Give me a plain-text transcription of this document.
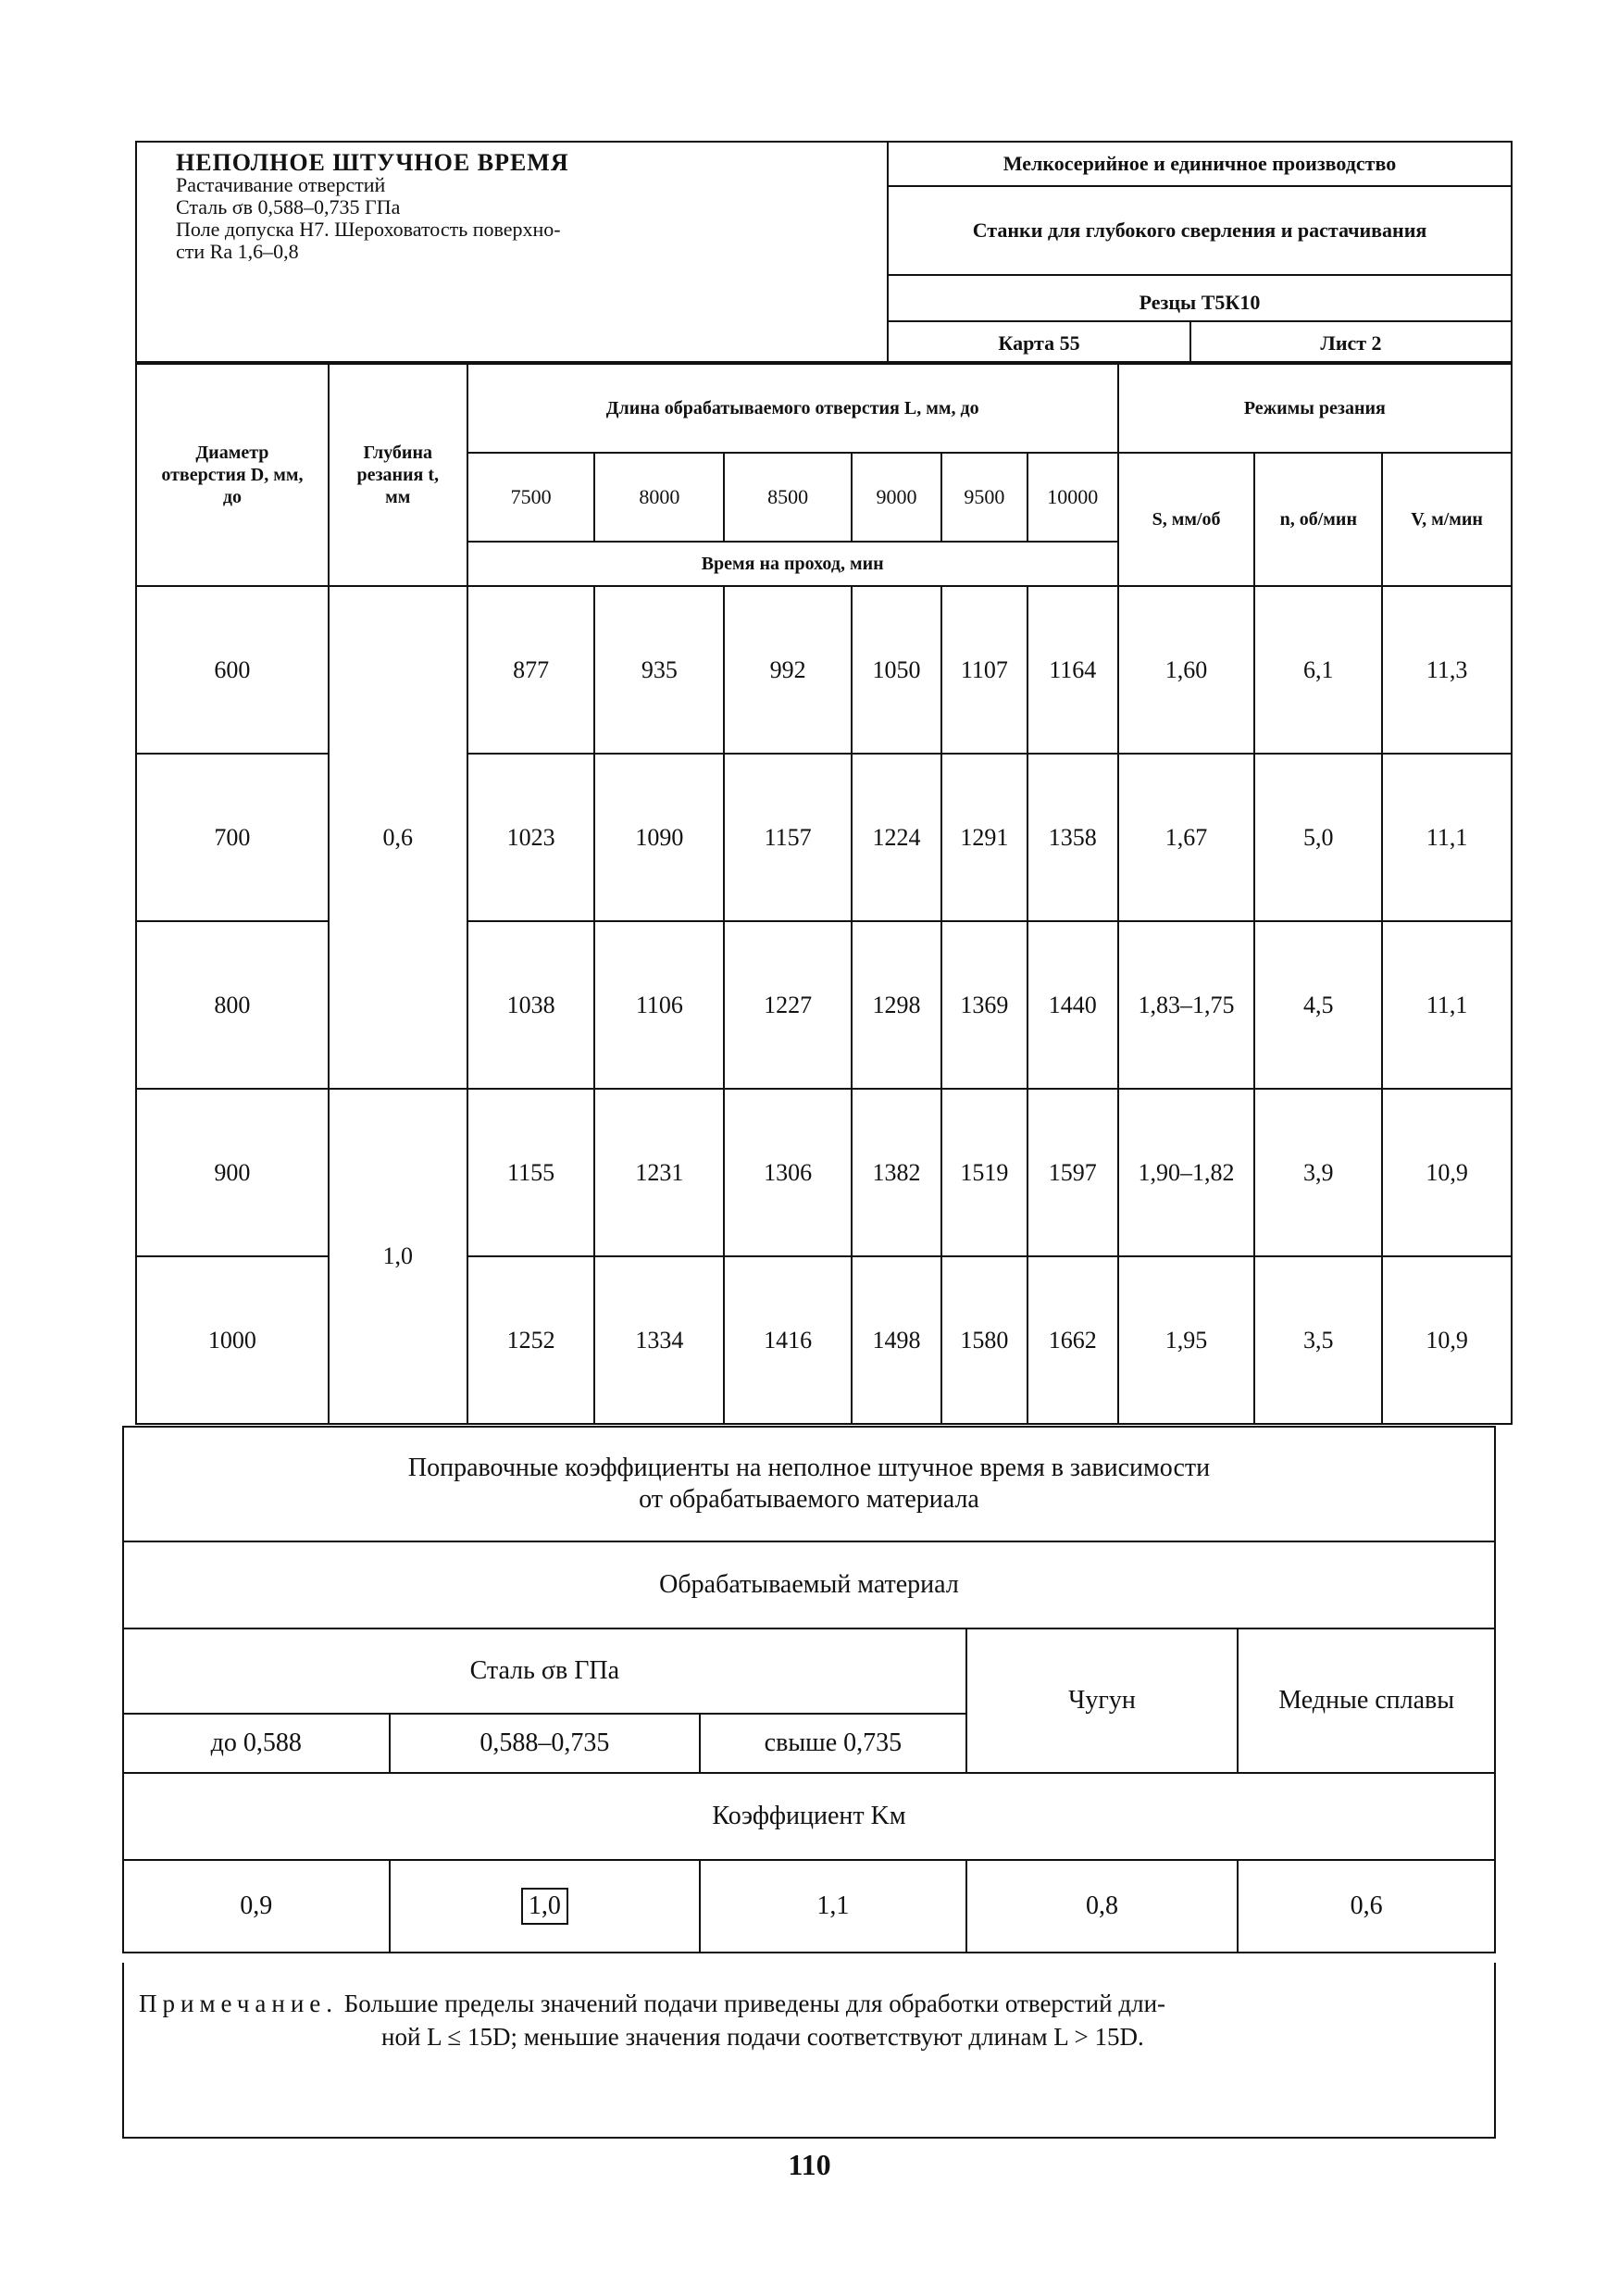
НЕПОЛНОЕ ШТУЧНОЕ ВРЕМЯ
Растачивание отверстий
Сталь σв 0,588–0,735 ГПа
Поле допуска Н7. Шероховатость поверхно-
сти Ra 1,6–0,8
Мелкосерийное и единичное производство
Станки для глубокого сверления и растачивания
Резцы Т5К10
Карта 55	Лист 2
Диаметр отверстия D, мм, до	Глубина резания t, мм	Длина обрабатываемого отверстия L, мм, до						Режимы резания		
		7500	8000	8500	9000	9500	10000	S, мм/об	n, об/мин	V, м/мин
		Время на проход, мин								
600	0,6	877	935	992	1050	1107	1164	1,60	6,1	11,3
700		1023	1090	1157	1224	1291	1358	1,67	5,0	11,1
800		1038	1106	1227	1298	1369	1440	1,83–1,75	4,5	11,1
900	1,0	1155	1231	1306	1382	1519	1597	1,90–1,82	3,9	10,9
1000		1252	1334	1416	1498	1580	1662	1,95	3,5	10,9
Поправочные коэффициенты на неполное штучное время в зависимости
от обрабатываемого материала				

Обрабатываемый материал				
Сталь σв ГПа			Чугун	Медные сплавы
до 0,588	0,588–0,735	свыше 0,735		
Коэффициент Kм				
0,9	1,0	1,1	0,8	0,6
Примечание. Большие пределы значений подачи приведены для обработки отверстий дли-
ной L ≤ 15D; меньшие значения подачи соответствуют длинам L > 15D.
110
